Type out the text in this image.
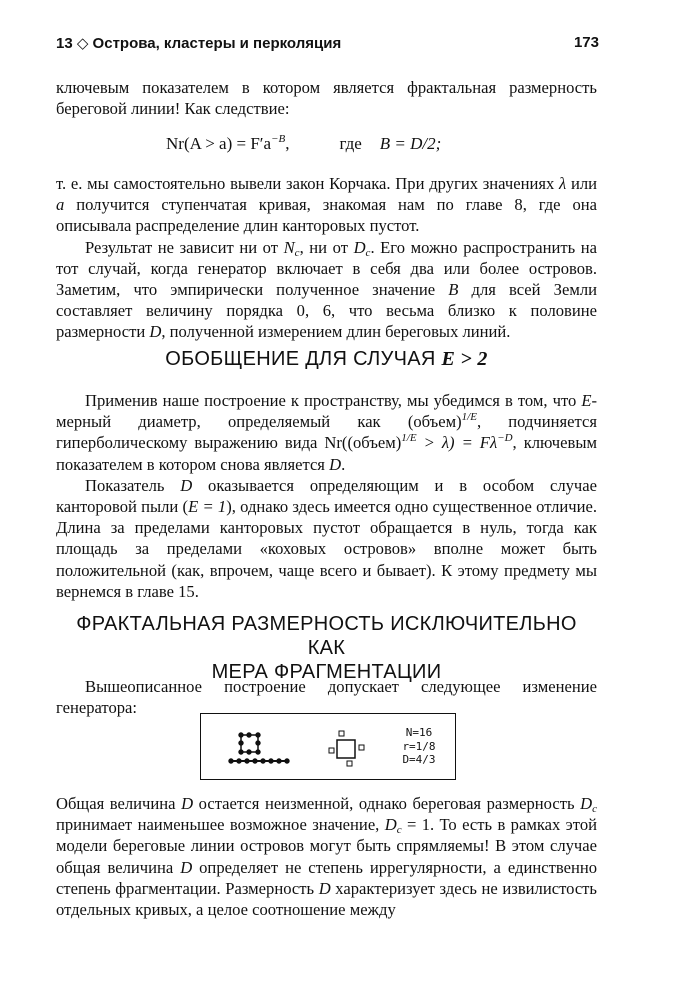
13 ◇ Острова, кластеры и перколяция	173

ключевым показателем в котором является фрактальная размерность береговой линии! Как следствие:

$Nr(A > a) = F'a^{-B}$,	где B = D/2;

т. е. мы самостоятельно вывели закон Корчака. При других значениях λ или a получится ступенчатая кривая, знакомая нам по главе 8, где она описывала распределение длин канторовых пустот.

Результат не зависит ни от $N_c$, ни от $D_c$. Его можно распространить на тот случай, когда генератор включает в себя два или более островов. Заметим, что эмпирически полученное значение B для всей Земли составляет величину порядка 0, 6, что весьма близко к половине размерности D, полученной измерением длин береговых линий.

ОБОБЩЕНИЕ ДЛЯ СЛУЧАЯ E > 2

Применив наше построение к пространству, мы убедимся в том, что E-мерный диаметр, определяемый как (объем)$^{1/E}$, подчиняется гиперболическому выражению вида Nr((объем)$^{1/E}$ > $\lambda) = F\lambda^{-D}$, ключевым показателем в котором снова является D.

Показатель D оказывается определяющим и в особом случае канторовой пыли (E = 1), однако здесь имеется одно существенное отличие. Длина за пределами канторовых пустот обращается в нуль, тогда как площадь за пределами «коховых островов» вполне может быть положительной (как, впрочем, чаще всего и бывает). К этому предмету мы вернемся в главе 15.

ФРАКТАЛЬНАЯ РАЗМЕРНОСТЬ ИСКЛЮЧИТЕЛЬНО КАК
МЕРА ФРАГМЕНТАЦИИ

Вышеописанное построение допускает следующее изменение генератора:

N=16
r=1/8
D=4/3

Общая величина D остается неизменной, однако береговая размерность $D_c$ принимает наименьшее возможное значение, $D_c = 1$. То есть в рамках этой модели береговые линии островов могут быть спрямляемы! В этом случае общая величина D определяет не степень иррегулярности, а единственно степень фрагментации. Размерность D характеризует здесь не извилистость отдельных кривых, а целое соотношение между
